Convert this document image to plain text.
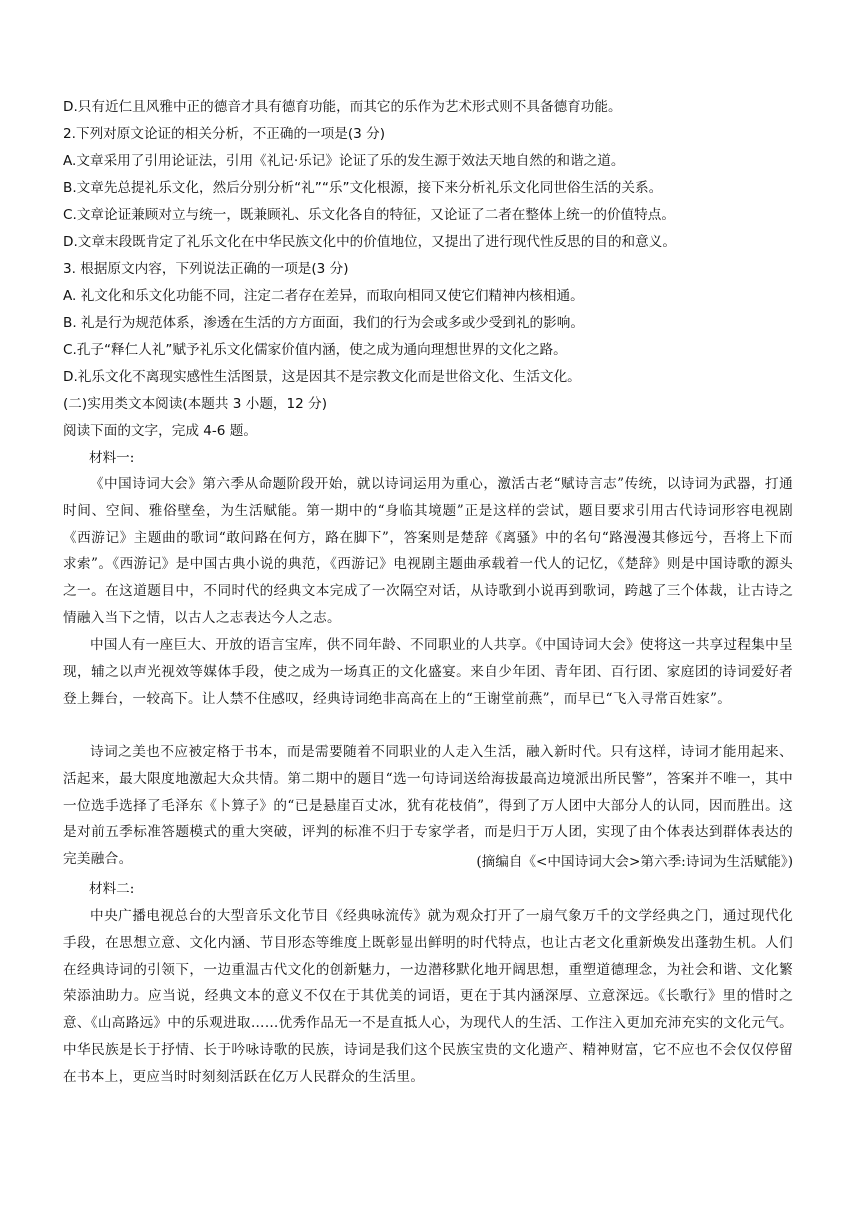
D.只有近仁且风雅中正的德音才具有德育功能，而其它的乐作为艺术形式则不具备德育功能。

2.下列对原文论证的相关分析，不正确的一项是(3 分)

A.文章采用了引用论证法，引用《礼记·乐记》论证了乐的发生源于效法天地自然的和谐之道。

B.文章先总提礼乐文化，然后分别分析“礼”“乐”文化根源，接下来分析礼乐文化同世俗生活的关系。

C.文章论证兼顾对立与统一，既兼顾礼、乐文化各自的特征，又论证了二者在整体上统一的价值特点。

D.文章末段既肯定了礼乐文化在中华民族文化中的价值地位，又提出了进行现代性反思的目的和意义。

3. 根据原文内容，下列说法正确的一项是(3 分)

A. 礼文化和乐文化功能不同，注定二者存在差异，而取向相同又使它们精神内核相通。

B. 礼是行为规范体系，渗透在生活的方方面面，我们的行为会或多或少受到礼的影响。

C.孔子“释仁人礼”赋予礼乐文化儒家价值内涵，使之成为通向理想世界的文化之路。

D.礼乐文化不离现实感性生活图景，这是因其不是宗教文化而是世俗文化、生活文化。

(二)实用类文本阅读(本题共 3 小题，12 分)

阅读下面的文字，完成 4-6 题。

材料一:

《中国诗词大会》第六季从命题阶段开始，就以诗词运用为重心，激活古老“赋诗言志”传统，以诗词为武器，打通时间、空间、雅俗壁垒，为生活赋能。第一期中的“身临其境题”正是这样的尝试，题目要求引用古代诗词形容电视剧《西游记》主题曲的歌词“敢问路在何方，路在脚下”，答案则是楚辞《离骚》中的名句“路漫漫其修远兮，吾将上下而求索”。《西游记》是中国古典小说的典范，《西游记》电视剧主题曲承载着一代人的记忆，《楚辞》则是中国诗歌的源头之一。在这道题目中，不同时代的经典文本完成了一次隔空对话，从诗歌到小说再到歌词，跨越了三个体裁，让古诗之情融入当下之情，以古人之志表达今人之志。

中国人有一座巨大、开放的语言宝库，供不同年龄、不同职业的人共享。《中国诗词大会》使将这一共享过程集中呈现，辅之以声光视效等媒体手段，使之成为一场真正的文化盛宴。来自少年团、青年团、百行团、家庭团的诗词爱好者登上舞台，一较高下。让人禁不住感叹，经典诗词绝非高高在上的“王谢堂前燕”，而早已“飞入寻常百姓家”。

诗词之美也不应被定格于书本，而是需要随着不同职业的人走入生活，融入新时代。只有这样，诗词才能用起来、活起来，最大限度地激起大众共情。第二期中的题目“选一句诗词送给海拔最高边境派出所民警”，答案并不唯一，其中一位选手选择了毛泽东《卜算子》的“已是悬崖百丈冰，犹有花枝俏”，得到了万人团中大部分人的认同，因而胜出。这是对前五季标准答题模式的重大突破，评判的标准不归于专家学者，而是归于万人团，实现了由个体表达到群体表达的完美融合。	(摘编自《<中国诗词大会>第六季:诗词为生活赋能》)

材料二:

中央广播电视总台的大型音乐文化节目《经典咏流传》就为观众打开了一扇气象万千的文学经典之门，通过现代化手段，在思想立意、文化内涵、节目形态等维度上既彰显出鲜明的时代特点，也让古老文化重新焕发出蓬勃生机。人们在经典诗词的引领下，一边重温古代文化的创新魅力，一边潜移默化地开阔思想，重塑道德理念，为社会和谐、文化繁荣添油助力。应当说，经典文本的意义不仅在于其优美的词语，更在于其内涵深厚、立意深远。《长歌行》里的惜时之意、《山高路远》中的乐观进取……优秀作品无一不是直抵人心，为现代人的生活、工作注入更加充沛充实的文化元气。中华民族是长于抒情、长于吟咏诗歌的民族，诗词是我们这个民族宝贵的文化遗产、精神财富，它不应也不会仅仅停留在书本上，更应当时时刻刻活跃在亿万人民群众的生活里。
